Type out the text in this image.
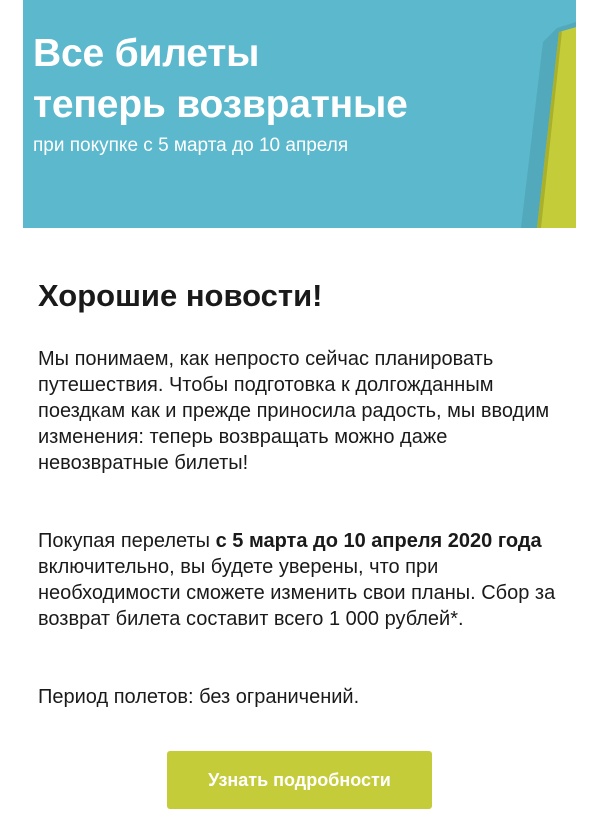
Все билеты
теперь возвратные
при покупке с 5 марта до 10 апреля
Хорошие новости!

Мы понимаем, как непросто сейчас планировать путешествия. Чтобы подготовка к долгожданным поездкам как и прежде приносила радость, мы вводим изменения: теперь возвращать можно даже невозвратные билеты!

Покупая перелеты с 5 марта до 10 апреля 2020 года включительно, вы будете уверены, что при необходимости сможете изменить свои планы. Сбор за возврат билета составит всего 1 000 рублей*.

Период полетов: без ограничений.

Узнать подробности
